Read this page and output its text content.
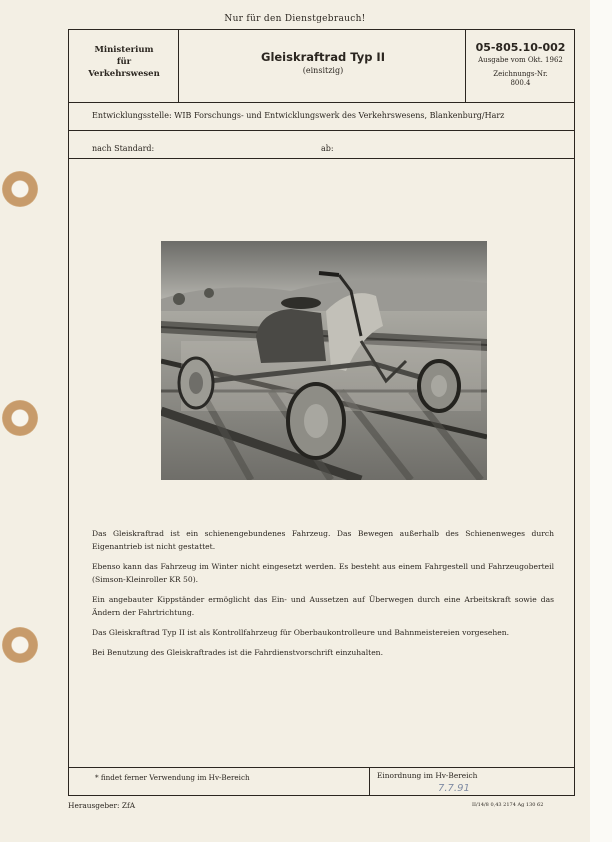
Nur für den Dienstgebrauch!
Ministerium
für
Verkehrswesen
Gleiskraftrad Typ II
(einsitzig)
05-805.10-002
Ausgabe vom Okt. 1962
Zeichnungs-Nr.
800.4
Entwicklungsstelle: WIB Forschungs- und Entwicklungswerk des Verkehrswesens, Blankenburg/Harz
nach Standard:	ab:

Das Gleiskraftrad ist ein schienengebundenes Fahrzeug. Das Bewegen außerhalb des Schienenweges durch Eigenantrieb ist nicht gestattet.

Ebenso kann das Fahrzeug im Winter nicht eingesetzt werden. Es besteht aus einem Fahrgestell und Fahrzeugoberteil (Simson-Kleinroller KR 50).

Ein angebauter Kippständer ermöglicht das Ein- und Aussetzen auf Überwegen durch eine Arbeitskraft sowie das Ändern der Fahrtrichtung.

Das Gleiskraftrad Typ II ist als Kontrollfahrzeug für Oberbaukontrolleure und Bahnmeistereien vorgesehen.

Bei Benutzung des Gleiskraftrades ist die Fahrdienstvorschrift einzuhalten.

* findet ferner Verwendung im Hv-Bereich	Einordnung im Hv-Bereich
7.7.91
Herausgeber: ZfA	II/14/8 0,43 2174 Ag 130 62
